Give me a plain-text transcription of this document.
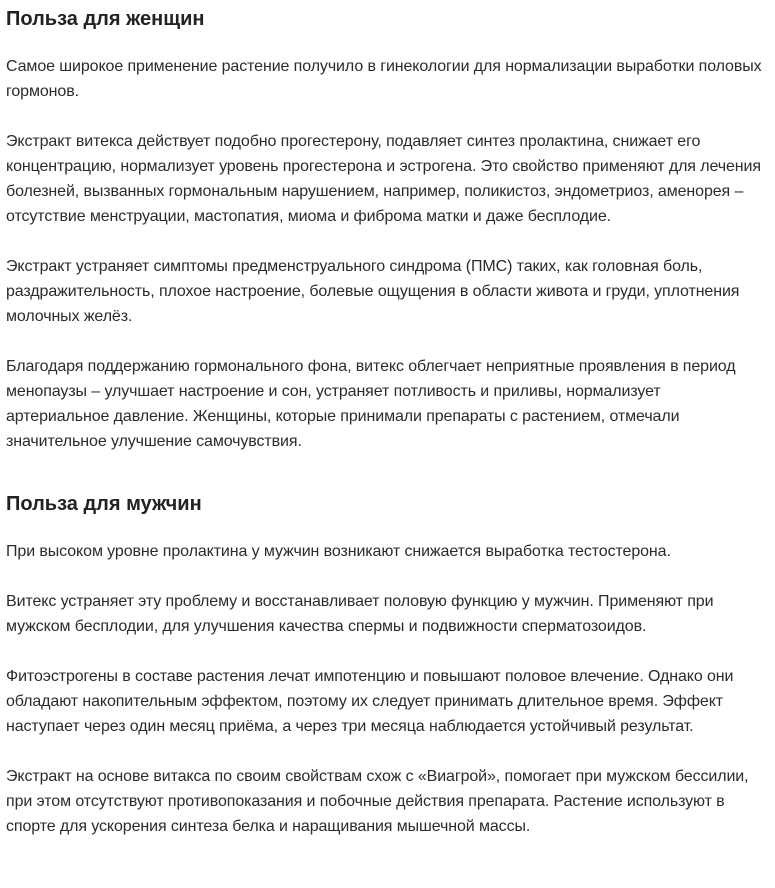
Польза для женщин

Самое широкое применение растение получило в гинекологии для нормализации выработки половых гормонов.

Экстракт витекса действует подобно прогестерону, подавляет синтез пролактина, снижает его концентрацию, нормализует уровень прогестерона и эстрогена. Это свойство применяют для лечения болезней, вызванных гормональным нарушением, например, поликистоз, эндометриоз, аменорея – отсутствие менструации, мастопатия, миома и фиброма матки и даже бесплодие.

Экстракт устраняет симптомы предменструального синдрома (ПМС) таких, как головная боль, раздражительность, плохое настроение, болевые ощущения в области живота и груди, уплотнения молочных желёз.

Благодаря поддержанию гормонального фона, витекс облегчает неприятные проявления в период менопаузы – улучшает настроение и сон, устраняет потливость и приливы, нормализует артериальное давление. Женщины, которые принимали препараты с растением, отмечали значительное улучшение самочувствия.

Польза для мужчин

При высоком уровне пролактина у мужчин возникают снижается выработка тестостерона.

Витекс устраняет эту проблему и восстанавливает половую функцию у мужчин. Применяют при мужском бесплодии, для улучшения качества спермы и подвижности сперматозоидов.

Фитоэстрогены в составе растения лечат импотенцию и повышают половое влечение. Однако они обладают накопительным эффектом, поэтому их следует принимать длительное время. Эффект наступает через один месяц приёма, а через три месяца наблюдается устойчивый результат.

Экстракт на основе витакса по своим свойствам схож с «Виагрой», помогает при мужском бессилии, при этом отсутствуют противопоказания и побочные действия препарата. Растение используют в спорте для ускорения синтеза белка и наращивания мышечной массы.
